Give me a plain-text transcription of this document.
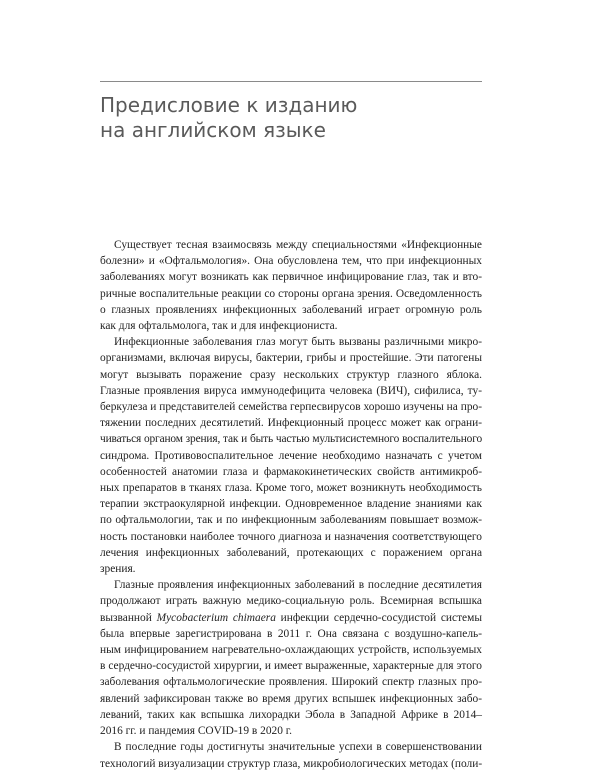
Предисловие к изданию
на английском языке
Существует тесная взаимосвязь между специальностями «Инфекционные
болезни» и «Офтальмология». Она обусловлена тем, что при инфекционных
заболеваниях могут возникать как первичное инфицирование глаз, так и вто-
ричные воспалительные реакции со стороны органа зрения. Осведомленность
о глазных проявлениях инфекционных заболеваний играет огромную роль
как для офтальмолога, так и для инфекциониста.
Инфекционные заболевания глаз могут быть вызваны различными микро-
организмами, включая вирусы, бактерии, грибы и простейшие. Эти патогены
могут вызывать поражение сразу нескольких структур глазного яблока.
Глазные проявления вируса иммунодефицита человека (ВИЧ), сифилиса, ту-
беркулеза и представителей семейства герпесвирусов хорошо изучены на про-
тяжении последних десятилетий. Инфекционный процесс может как ограни-
чиваться органом зрения, так и быть частью мультисистемного воспалительного
синдрома. Противовоспалительное лечение необходимо назначать с учетом
особенностей анатомии глаза и фармакокинетических свойств антимикроб-
ных препаратов в тканях глаза. Кроме того, может возникнуть необходимость
терапии экстраокулярной инфекции. Одновременное владение знаниями как
по офтальмологии, так и по инфекционным заболеваниям повышает возмож-
ность постановки наиболее точного диагноза и назначения соответствующего
лечения инфекционных заболеваний, протекающих с поражением органа
зрения.
Глазные проявления инфекционных заболеваний в последние десятилетия
продолжают играть важную медико-социальную роль. Всемирная вспышка
вызванной Mycobacterium chimaera инфекции сердечно-сосудистой системы
была впервые зарегистрирована в 2011 г. Она связана с воздушно-капель-
ным инфицированием нагревательно-охлаждающих устройств, используемых
в сердечно-сосудистой хирургии, и имеет выраженные, характерные для этого
заболевания офтальмологические проявления. Широкий спектр глазных про-
явлений зафиксирован также во время других вспышек инфекционных забо-
леваний, таких как вспышка лихорадки Эбола в Западной Африке в 2014–
2016 гг. и пандемия COVID-19 в 2020 г.
В последние годы достигнуты значительные успехи в совершенствовании
технологий визуализации структур глаза, микробиологических методах (поли-
